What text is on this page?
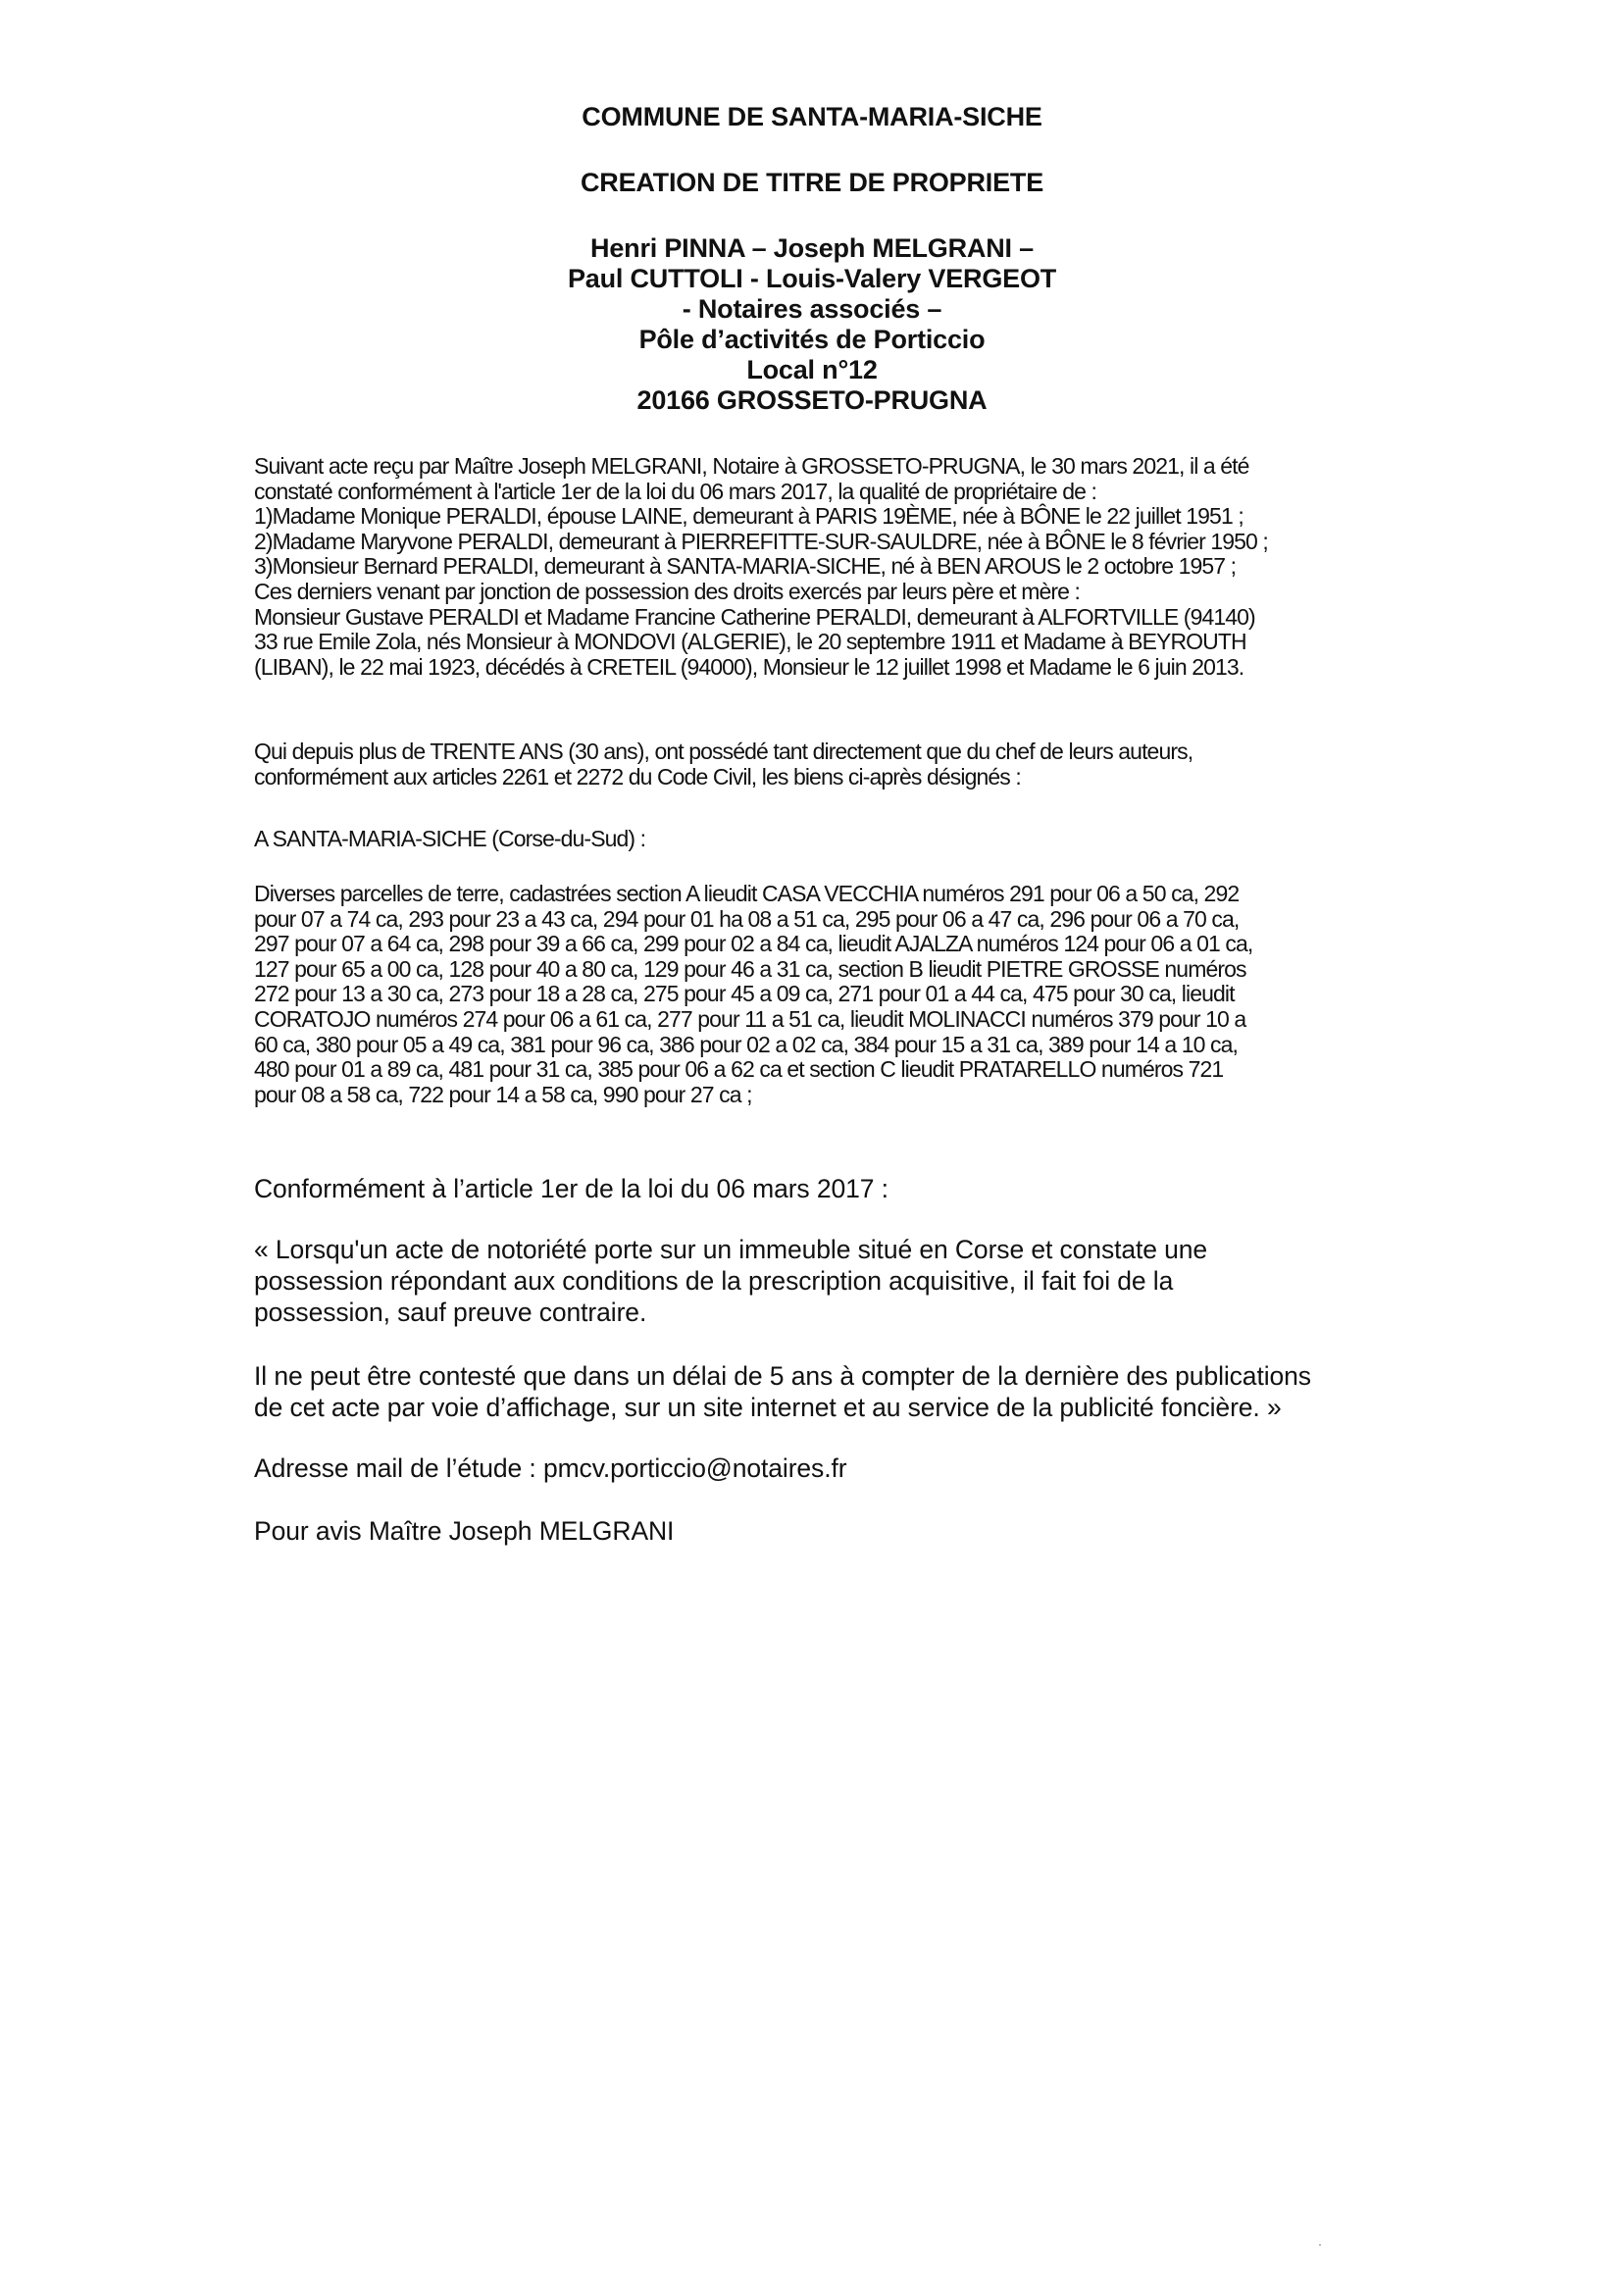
COMMUNE DE SANTA-MARIA-SICHE
CREATION DE TITRE DE PROPRIETE
Henri PINNA – Joseph MELGRANI –
Paul CUTTOLI - Louis-Valery VERGEOT
- Notaires associés –
Pôle d’activités de Porticcio
Local n°12
20166 GROSSETO-PRUGNA
Suivant acte reçu par Maître Joseph MELGRANI, Notaire à GROSSETO-PRUGNA, le 30 mars 2021, il a été
constaté conformément à l'article 1er de la loi du 06 mars 2017, la qualité de propriétaire de :
1)Madame Monique PERALDI, épouse LAINE, demeurant à PARIS 19ÈME, née à BÔNE le 22 juillet 1951 ;
2)Madame Maryvone PERALDI, demeurant à PIERREFITTE-SUR-SAULDRE, née à BÔNE le 8 février 1950 ;
3)Monsieur Bernard PERALDI, demeurant à SANTA-MARIA-SICHE, né à BEN AROUS le 2 octobre 1957 ;
Ces derniers venant par jonction de possession des droits exercés par leurs père et mère :
Monsieur Gustave PERALDI et Madame Francine Catherine PERALDI, demeurant à ALFORTVILLE (94140)
33 rue Emile Zola, nés Monsieur à MONDOVI (ALGERIE), le 20 septembre 1911 et Madame à BEYROUTH
(LIBAN), le 22 mai 1923, décédés à CRETEIL (94000), Monsieur le 12 juillet 1998 et Madame le 6 juin 2013.
Qui depuis plus de TRENTE ANS (30 ans), ont possédé tant directement que du chef de leurs auteurs,
conformément aux articles 2261 et 2272 du Code Civil, les biens ci-après désignés :
A SANTA-MARIA-SICHE (Corse-du-Sud) :
Diverses parcelles de terre, cadastrées section A lieudit CASA VECCHIA numéros 291 pour 06 a 50 ca, 292
pour 07 a 74 ca, 293 pour 23 a 43 ca, 294 pour 01 ha 08 a 51 ca, 295 pour 06 a 47 ca, 296 pour 06 a 70 ca,
297 pour 07 a 64 ca, 298 pour 39 a 66 ca, 299 pour 02 a 84 ca, lieudit AJALZA numéros 124 pour 06 a 01 ca,
127 pour 65 a 00 ca, 128 pour 40 a 80 ca, 129 pour 46 a 31 ca, section B lieudit PIETRE GROSSE numéros
272 pour 13 a 30 ca, 273 pour 18 a 28 ca, 275 pour 45 a 09 ca, 271 pour 01 a 44 ca, 475 pour 30 ca, lieudit
CORATOJO numéros 274 pour 06 a 61 ca, 277 pour 11 a 51 ca, lieudit MOLINACCI numéros 379 pour 10 a
60 ca, 380 pour 05 a 49 ca, 381 pour 96 ca, 386 pour 02 a 02 ca, 384 pour 15 a 31 ca, 389 pour 14 a 10 ca,
480 pour 01 a 89 ca, 481 pour 31 ca, 385 pour 06 a 62 ca et section C lieudit PRATARELLO numéros 721
pour 08 a 58 ca, 722 pour 14 a 58 ca, 990 pour 27 ca ;
Conformément à l’article 1er de la loi du 06 mars 2017 :
« Lorsqu'un acte de notoriété porte sur un immeuble situé en Corse et constate une
possession répondant aux conditions de la prescription acquisitive, il fait foi de la
possession, sauf preuve contraire.
Il ne peut être contesté que dans un délai de 5 ans à compter de la dernière des publications
de cet acte par voie d’affichage, sur un site internet et au service de la publicité foncière. »
Adresse mail de l’étude : pmcv.porticcio@notaires.fr
Pour avis Maître Joseph MELGRANI
